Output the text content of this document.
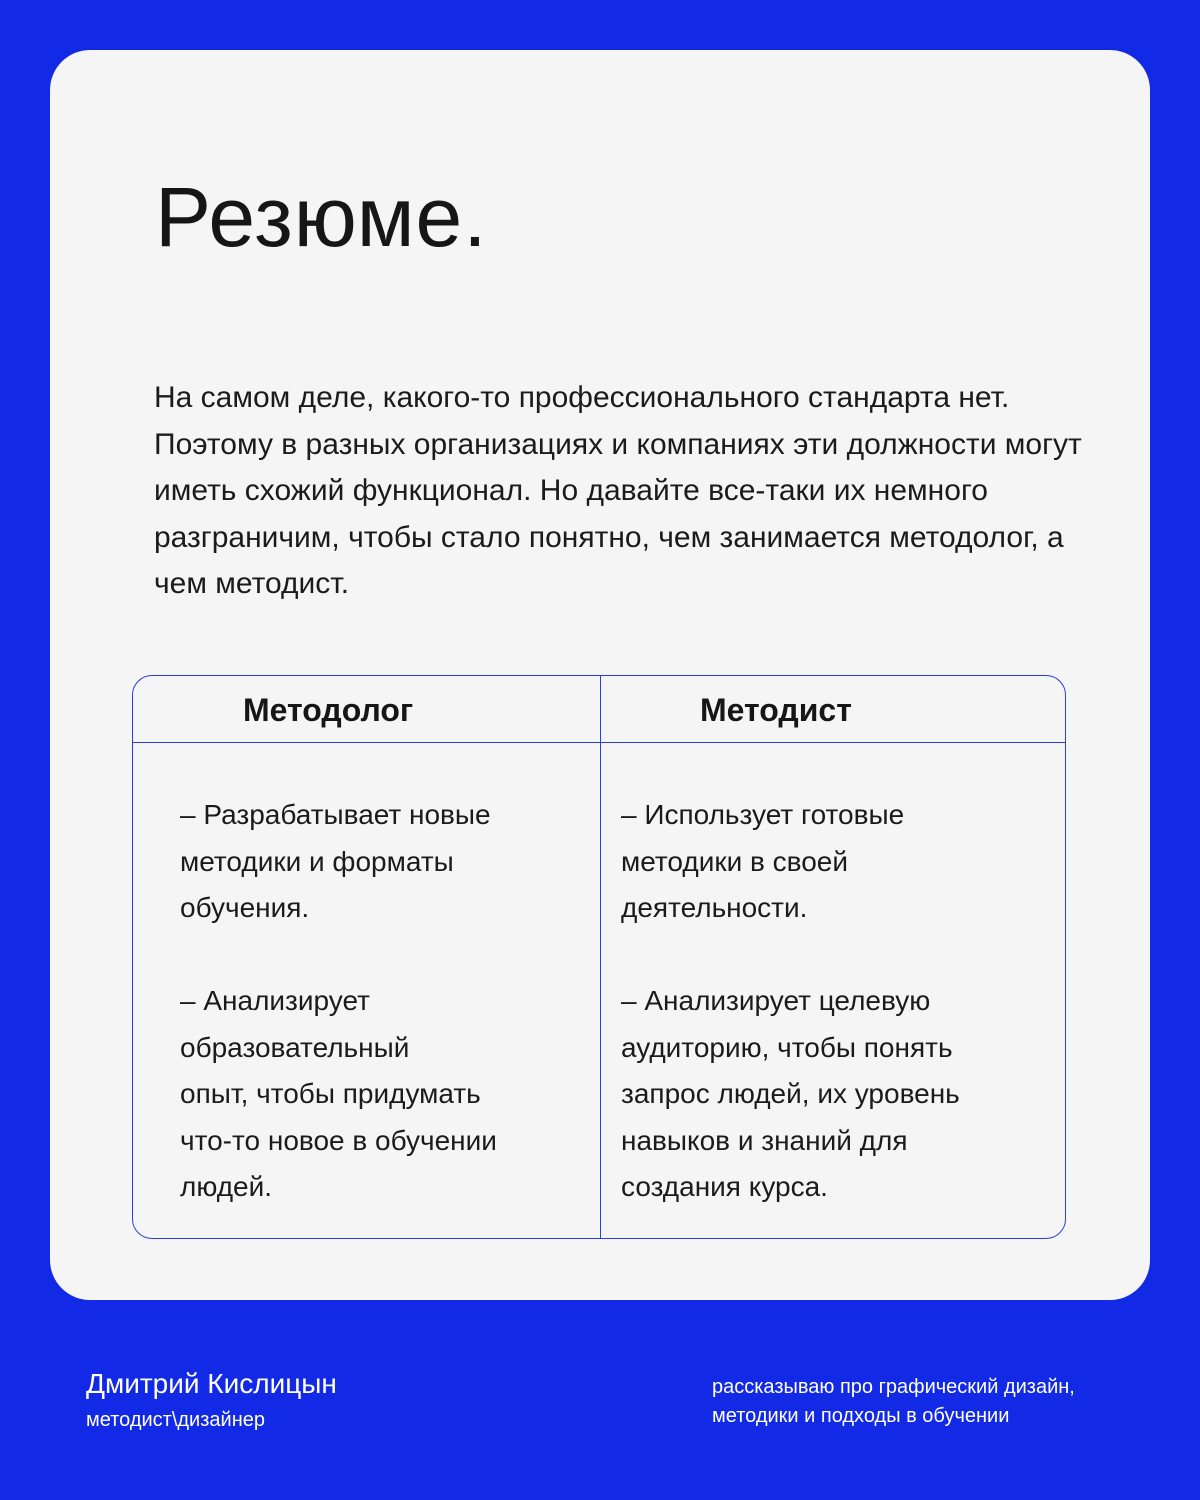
Резюме.

На самом деле, какого-то профессионального стандарта нет. Поэтому в разных организациях и компаниях эти должности могут иметь схожий функционал. Но давайте все-таки их немного разграничим, чтобы стало понятно, чем занимается методолог, а чем методист.

Методолог	Методист

– Разрабатывает новые
методики и форматы
обучения.

– Анализирует
образовательный
опыт, чтобы придумать
что-то новое в обучении
людей.

– Использует готовые
методики в своей
деятельности.

– Анализирует целевую
аудиторию, чтобы понять
запрос людей, их уровень
навыков и знаний для
создания курса.

Дмитрий Кислицын
методист\дизайнер

рассказываю про графический дизайн,
методики и подходы в обучении
